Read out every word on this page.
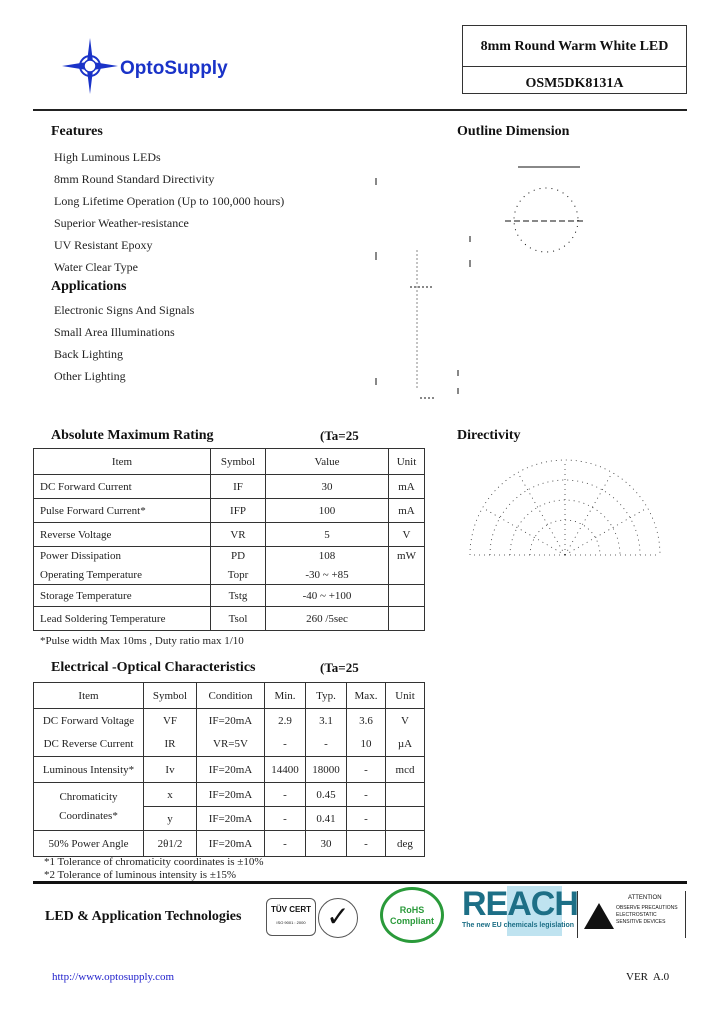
OptoSupply
8mm Round Warm White LED
OSM5DK8131A
Features
High Luminous LEDs
8mm Round Standard Directivity
Long Lifetime Operation (Up to 100,000 hours)
Superior Weather-resistance
UV Resistant Epoxy
Water Clear Type
Applications
Electronic Signs And Signals
Small Area Illuminations
Back Lighting
Other Lighting
Outline Dimension
Absolute Maximum Rating	(Ta=25
Item	Symbol	Value	Unit
DC Forward Current	IF	30	mA
Pulse Forward Current*	IFP	100	mA
Reverse Voltage	VR	5	V
Power Dissipation	PD	108	mW
Operating Temperature	Topr	-30 ~ +85	
Storage Temperature	Tstg	-40 ~ +100	
Lead Soldering Temperature	Tsol	260 /5sec	
*Pulse width Max 10ms , Duty ratio max 1/10
Directivity
Electrical -Optical Characteristics	(Ta=25
Item	Symbol	Condition	Min.	Typ.	Max.	Unit
DC Forward Voltage	VF	IF=20mA	2.9	3.1	3.6	V
DC Reverse Current	IR	VR=5V	-	-	10	µA
Luminous Intensity*	Iv	IF=20mA	14400	18000	-	mcd
Chromaticity Coordinates*	x	IF=20mA	-	0.45	-	
	y	IF=20mA	-	0.41	-	
50% Power Angle	2θ1/2	IF=20mA	-	30	-	deg
*1 Tolerance of chromaticity coordinates is ±10%
*2 Tolerance of luminous intensity is ±15%
LED & Application Technologies	TÜV CERT
ISO 9001 : 2000 ✓	RoHS Compliant REACH
The new EU chemicals legislation
ATTENTION
OBSERVE PRECAUTIONS ELECTROSTATIC SENSITIVE DEVICES
http://www.optosupply.com	VER  A.0
